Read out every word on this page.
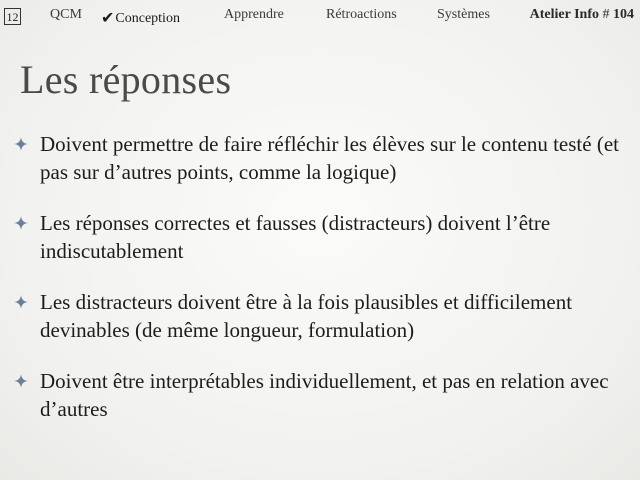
12 QCM ✔Conception	Apprendre	Rétroactions	Systèmes	Atelier Info # 104
Les réponses
Doivent permettre de faire réfléchir les élèves sur le contenu testé (et pas sur d’autres points, comme la logique)
Les réponses correctes et fausses (distracteurs) doivent l’être indiscutablement
Les distracteurs doivent être à la fois plausibles et difficilement devinables (de même longueur, formulation)
Doivent être interprétables individuellement, et pas en relation avec d’autres
